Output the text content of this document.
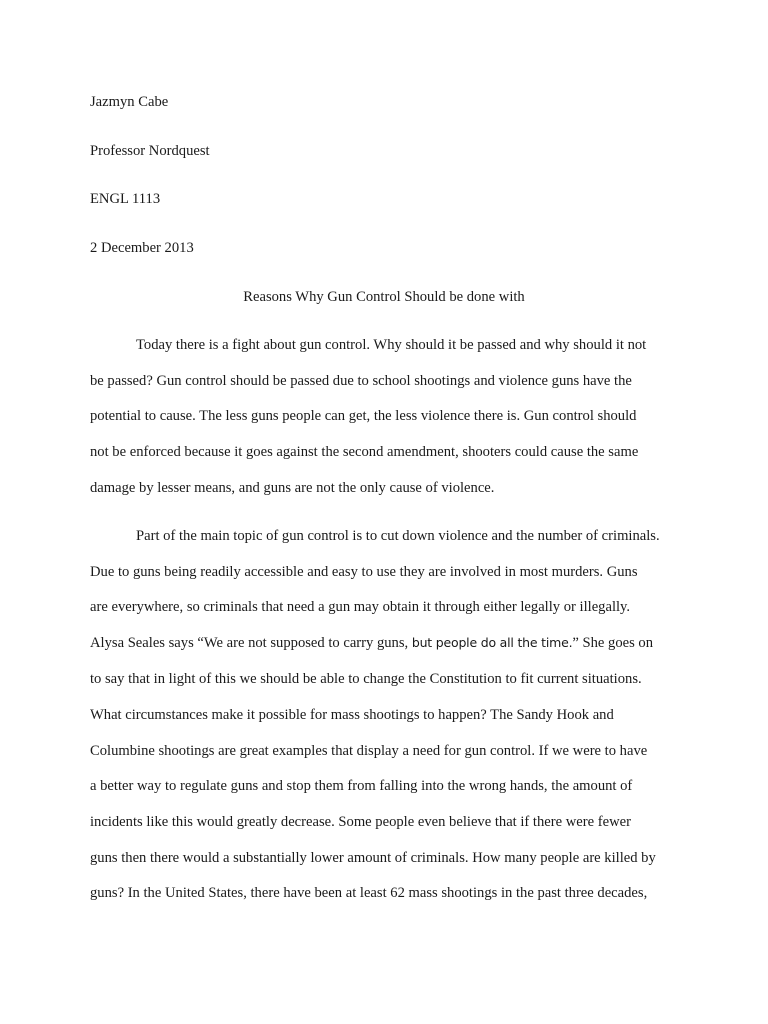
Jazmyn Cabe
Professor Nordquest
ENGL 1113
2 December 2013
Reasons Why Gun Control Should be done with
Today there is a fight about gun control. Why should it be passed and why should it not
be passed? Gun control should be passed due to school shootings and violence guns have the
potential to cause. The less guns people can get, the less violence there is. Gun control should
not be enforced because it goes against the second amendment, shooters could cause the same
damage by lesser means, and guns are not the only cause of violence.
Part of the main topic of gun control is to cut down violence and the number of criminals.
Due to guns being readily accessible and easy to use they are involved in most murders. Guns
are everywhere, so criminals that need a gun may obtain it through either legally or illegally.
Alysa Seales says “We are not supposed to carry guns, but people do all the time.” She goes on
to say that in light of this we should be able to change the Constitution to fit current situations.
What circumstances make it possible for mass shootings to happen? The Sandy Hook and
Columbine shootings are great examples that display a need for gun control. If we were to have
a better way to regulate guns and stop them from falling into the wrong hands, the amount of
incidents like this would greatly decrease. Some people even believe that if there were fewer
guns then there would a substantially lower amount of criminals. How many people are killed by
guns? In the United States, there have been at least 62 mass shootings in the past three decades,
